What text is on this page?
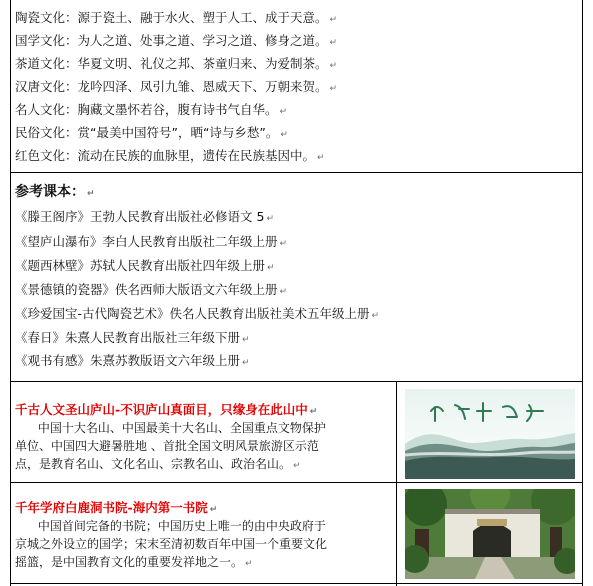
陶瓷文化：源于瓷土、融于水火、塑于人工、成于天意。 ↵
国学文化：为人之道、处事之道、学习之道、修身之道。 ↵
茶道文化：华夏文明、礼仪之邦、茶童归来、为爱制茶。 ↵
汉唐文化：龙吟四泽、凤引九雏、恩威天下、万朝来贺。 ↵
名人文化：胸藏文墨怀若谷，腹有诗书气自华。 ↵
民俗文化：赏“最美中国符号”，晒“诗与乡愁”。 ↵
红色文化：流动在民族的血脉里，遗传在民族基因中。 ↵
参考课本： ↵
《滕王阁序》王勃人民教育出版社必修语文 5 ↵
《望庐山瀑布》李白人民教育出版社二年级上册 ↵
《题西林壁》苏轼人民教育出版社四年级上册 ↵
《景德镇的瓷器》佚名西师大版语文六年级上册 ↵
《珍爱国宝-古代陶瓷艺术》佚名人民教育出版社美术五年级上册 ↵
《春日》朱熹人民教育出版社三年级下册 ↵
《观书有感》朱熹苏教版语文六年级上册 ↵
千古人文圣山庐山-不识庐山真面目，只缘身在此山中 ↵
中国十大名山、中国最美十大名山、全国重点文物保护
单位、中国四大避暑胜地 、首批全国文明风景旅游区示范
点，是教育名山、文化名山、宗教名山、政治名山。 ↵
千年学府白鹿洞书院-海内第一书院 ↵
中国首间完备的书院；中国历史上唯一的由中央政府于
京城之外设立的国学；宋末至清初数百年中国一个重要文化
摇篮，是中国教育文化的重要发祥地之一。 ↵
